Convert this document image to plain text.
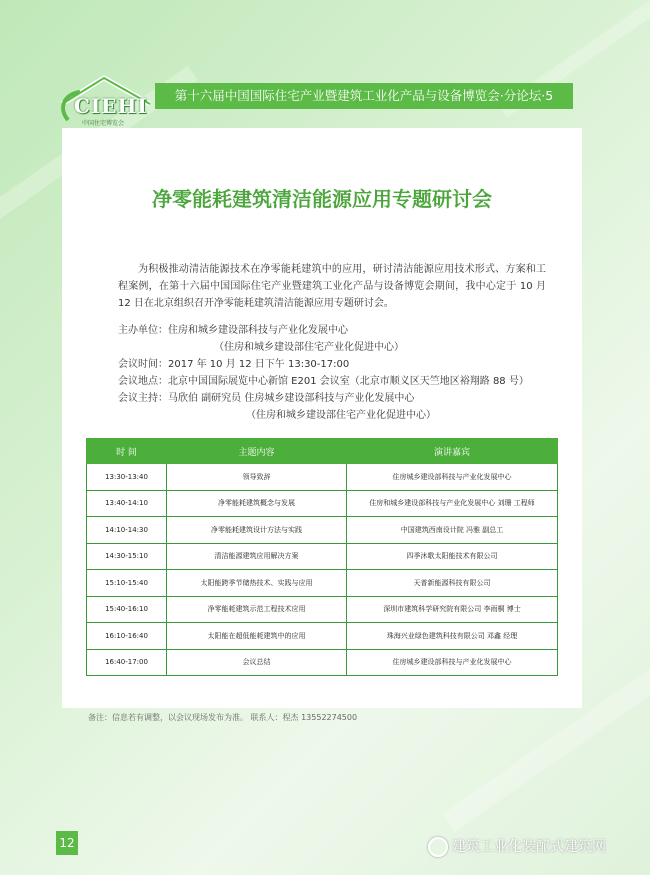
CIEHI
中国住宅博览会
第十六届中国国际住宅产业暨建筑工业化产品与设备博览会·分论坛·5
净零能耗建筑清洁能源应用专题研讨会
为积极推动清洁能源技术在净零能耗建筑中的应用，研讨清洁能源应用技术形式、方案和工程案例，在第十六届中国国际住宅产业暨建筑工业化产品与设备博览会期间，我中心定于 10 月 12 日在北京组织召开净零能耗建筑清洁能源应用专题研讨会。
主办单位：住房和城乡建设部科技与产业化发展中心
（住房和城乡建设部住宅产业化促进中心）
会议时间：2017 年 10 月 12 日下午 13:30-17:00
会议地点：北京中国国际展览中心新馆 E201 会议室（北京市顺义区天竺地区裕翔路 88 号）
会议主持：马欣伯 副研究员 住房城乡建设部科技与产业化发展中心
（住房和城乡建设部住宅产业化促进中心）
时 间	主题内容	演讲嘉宾
13:30-13:40	领导致辞	住房城乡建设部科技与产业化发展中心
13:40-14:10	净零能耗建筑概念与发展	住房和城乡建设部科技与产业化发展中心 刘珊 工程师
14:10-14:30	净零能耗建筑设计方法与实践	中国建筑西南设计院 冯雅 副总工
14:30-15:10	清洁能源建筑应用解决方案	四季沐歌太阳能技术有限公司
15:10-15:40	太阳能跨季节储热技术、实践与应用	天普新能源科技有限公司
15:40-16:10	净零能耗建筑示范工程技术应用	深圳市建筑科学研究院有限公司 李雨桐 博士
16:10-16:40	太阳能在超低能耗建筑中的应用	珠海兴业绿色建筑科技有限公司 邓鑫 经理
16:40-17:00	会议总结	住房城乡建设部科技与产业化发展中心
备注：信息若有调整，以会议现场发布为准。 联系人：程杰 13552274500
12	建筑工业化装配式建筑网
